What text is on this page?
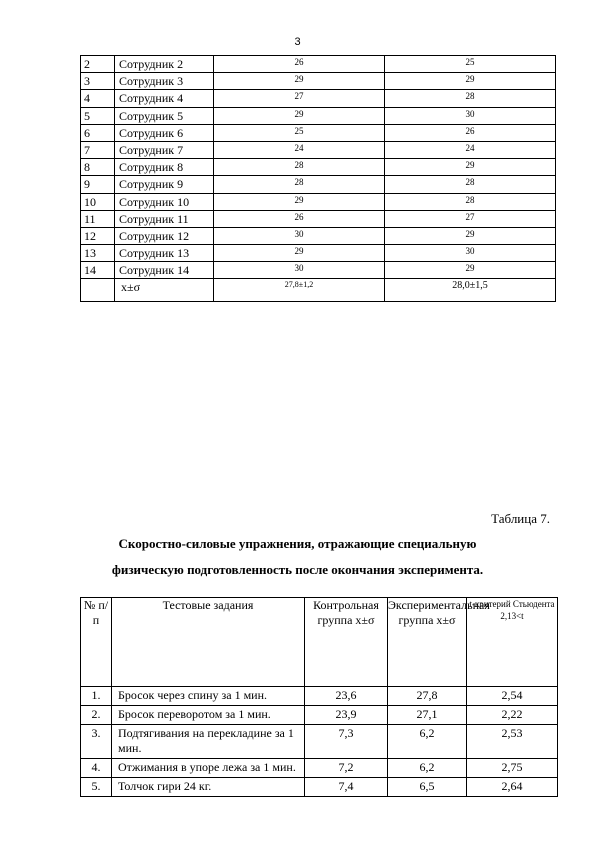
3
2	Сотрудник 2	26	25
3	Сотрудник 3	29	29
4	Сотрудник 4	27	28
5	Сотрудник 5	29	30
6	Сотрудник 6	25	26
7	Сотрудник 7	24	24
8	Сотрудник 8	28	29
9	Сотрудник 9	28	28
10	Сотрудник 10	29	28
11	Сотрудник 11	26	27
12	Сотрудник 12	30	29
13	Сотрудник 13	29	30
14	Сотрудник 14	30	29
	x±σ	27,8±1,2	28,0±1,5
Таблица 7.
Скоростно-силовые упражнения, отражающие специальную
физическую подготовленность после окончания эксперимента.
№ п/п	Тестовые задания	Контрольная группа x±σ	Экспериментальная группа x±σ	t-критерий Стьюдента 2,13<t
1.	Бросок через спину за 1 мин.	23,6	27,8	2,54
2.	Бросок переворотом за 1 мин.	23,9	27,1	2,22
3.	Подтягивания на перекладине за 1 мин.	7,3	6,2	2,53
4.	Отжимания в упоре лежа за 1 мин.	7,2	6,2	2,75
5.	Толчок гири 24 кг.	7,4	6,5	2,64
